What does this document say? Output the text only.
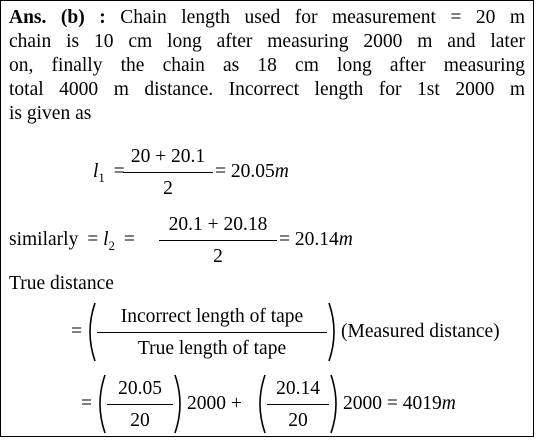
Ans. (b) : Chain length used for measurement = 20 m
chain is 10 cm long after measuring 2000 m and later
on, finally the chain as 18 cm long after measuring
total 4000 m distance. Incorrect length for 1st 2000 m
is given as
$l_1$ =
20 + 20.1
2
= 20.05m
similarly = $l_2$ =
20.1 + 20.18
2
= 20.14m
True distance
=
Incorrect length of tape
True length of tape
(Measured distance)
=
20.05
20
2000 +
20.14
20
2000 = 4019m
